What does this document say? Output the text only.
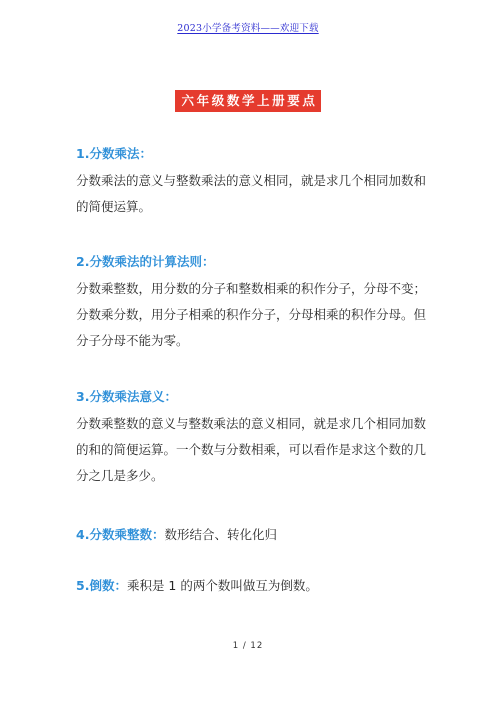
2023小学备考资料——欢迎下载
六年级数学上册要点
1.分数乘法：
分数乘法的意义与整数乘法的意义相同，就是求几个相同加数和的简便运算。
2.分数乘法的计算法则：
分数乘整数，用分数的分子和整数相乘的积作分子，分母不变；分数乘分数，用分子相乘的积作分子，分母相乘的积作分母。但分子分母不能为零。
3.分数乘法意义：
分数乘整数的意义与整数乘法的意义相同，就是求几个相同加数的和的简便运算。一个数与分数相乘，可以看作是求这个数的几分之几是多少。
4.分数乘整数：数形结合、转化化归
5.倒数：乘积是 1 的两个数叫做互为倒数。
1 / 12
